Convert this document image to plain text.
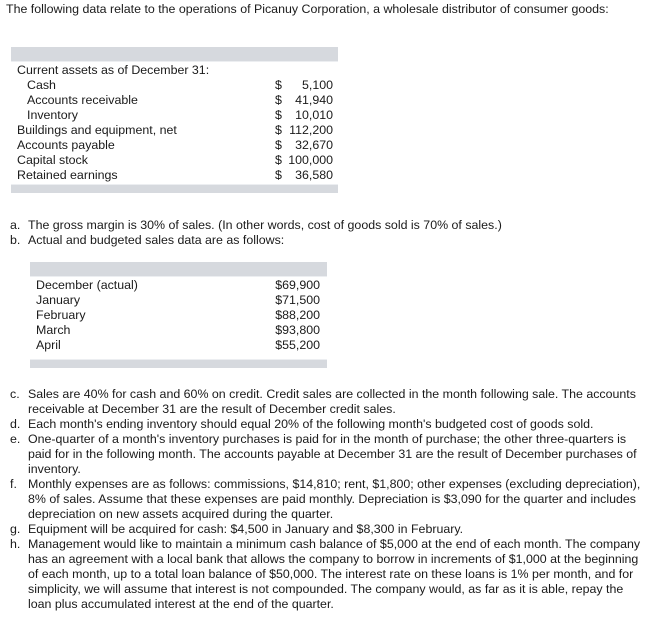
The following data relate to the operations of Picanuy Corporation, a wholesale distributor of consumer goods:
Current assets as of December 31:
Cash	$ 5,100
Accounts receivable	$ 41,940
Inventory	$ 10,010
Buildings and equipment, net	$ 112,200
Accounts payable	$ 32,670
Capital stock	$ 100,000
Retained earnings	$ 36,580
a. The gross margin is 30% of sales. (In other words, cost of goods sold is 70% of sales.)
b. Actual and budgeted sales data are as follows:
December (actual)	$69,900
January	$71,500
February	$88,200
March	$93,800
April	$55,200
c. Sales are 40% for cash and 60% on credit. Credit sales are collected in the month following sale. The accounts receivable at December 31 are the result of December credit sales.
d. Each month's ending inventory should equal 20% of the following month's budgeted cost of goods sold.
e. One-quarter of a month's inventory purchases is paid for in the month of purchase; the other three-quarters is paid for in the following month. The accounts payable at December 31 are the result of December purchases of inventory.
f. Monthly expenses are as follows: commissions, $14,810; rent, $1,800; other expenses (excluding depreciation), 8% of sales. Assume that these expenses are paid monthly. Depreciation is $3,090 for the quarter and includes depreciation on new assets acquired during the quarter.
g. Equipment will be acquired for cash: $4,500 in January and $8,300 in February.
h. Management would like to maintain a minimum cash balance of $5,000 at the end of each month. The company has an agreement with a local bank that allows the company to borrow in increments of $1,000 at the beginning of each month, up to a total loan balance of $50,000. The interest rate on these loans is 1% per month, and for simplicity, we will assume that interest is not compounded. The company would, as far as it is able, repay the loan plus accumulated interest at the end of the quarter.
